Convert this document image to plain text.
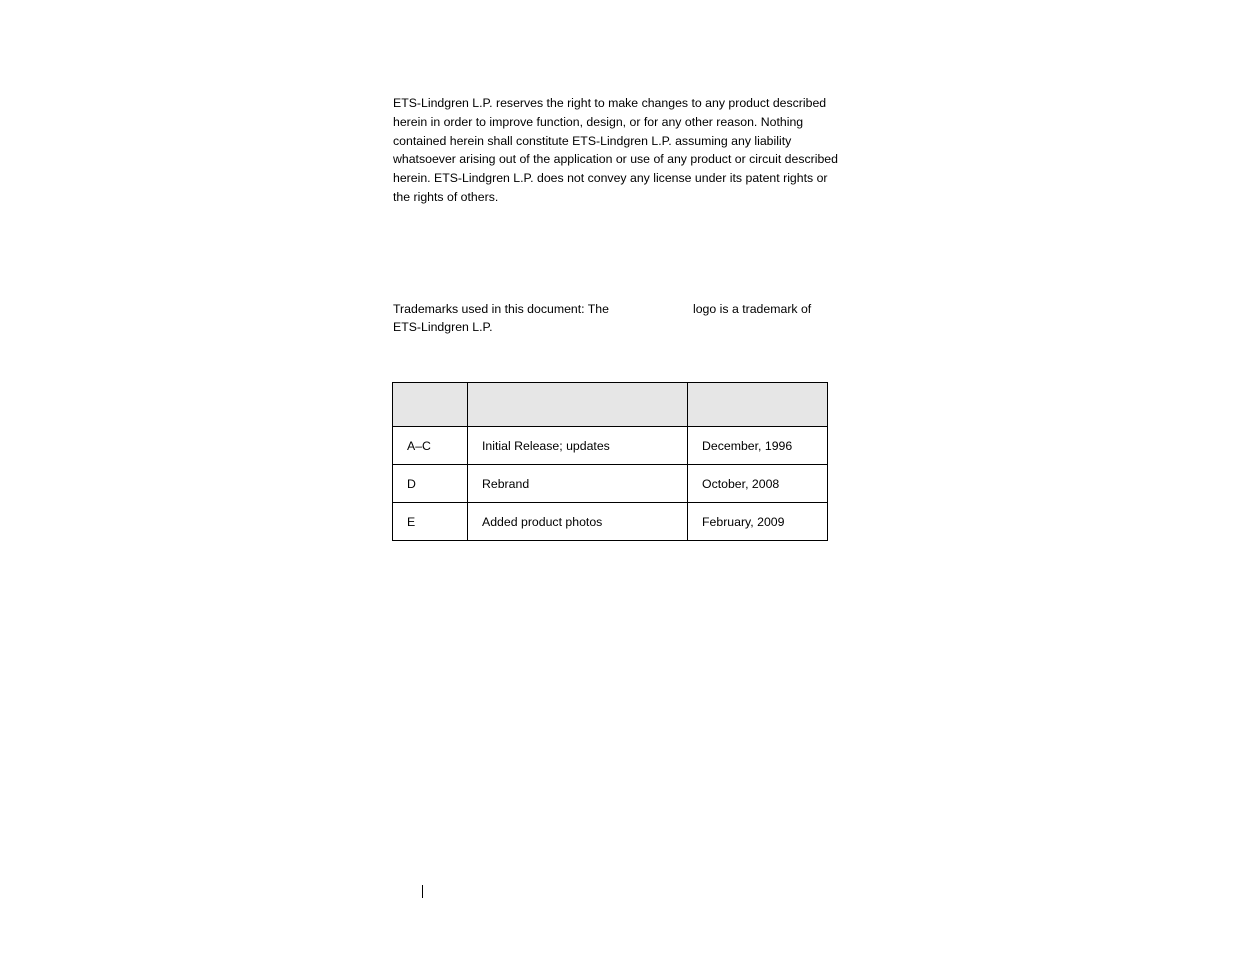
ETS-Lindgren L.P. reserves the right to make changes to any product described herein in order to improve function, design, or for any other reason. Nothing contained herein shall constitute ETS-Lindgren L.P. assuming any liability whatsoever arising out of the application or use of any product or circuit described herein. ETS-Lindgren L.P. does not convey any license under its patent rights or the rights of others.

Trademarks used in this document: The	logo is a trademark of ETS-Lindgren L.P.

A–C	Initial Release; updates	December, 1996
D	Rebrand	October, 2008
E	Added product photos	February, 2009
